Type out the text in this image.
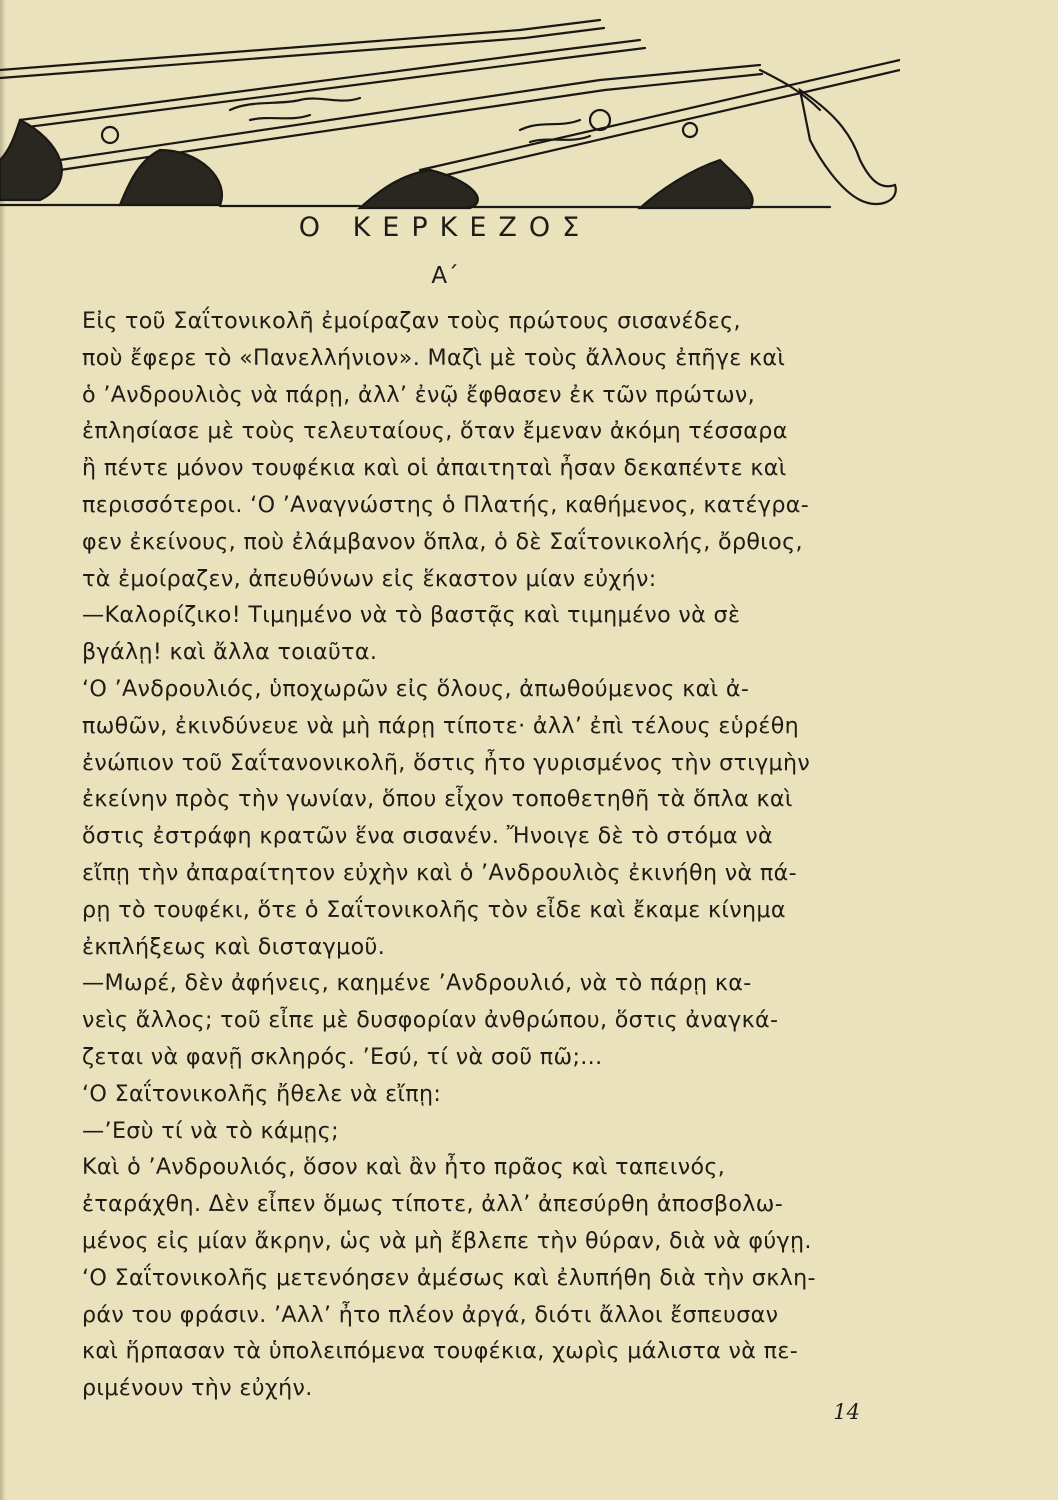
Ο ΚΕΡΚΕΖΟΣ
Α΄
Εἰς τοῦ Σαΐτονικολῆ ἐμοίραζαν τοὺς πρώτους σισανέδες,
ποὺ ἔφερε τὸ «Πανελλήνιον». Μαζὶ μὲ τοὺς ἄλλους ἐπῆγε καὶ
ὁ ’Ανδρουλιὸς νὰ πάρῃ, ἀλλ’ ἐνῷ ἔφθασεν ἐκ τῶν πρώτων,
ἐπλησίασε μὲ τοὺς τελευταίους, ὅταν ἔμεναν ἀκόμη τέσσαρα
ἢ πέντε μόνον τουφέκια καὶ οἱ ἀπαιτηταὶ ἦσαν δεκαπέντε καὶ
περισσότεροι. ‘Ο ’Αναγνώστης ὁ Πλατής, καθήμενος, κατέγρα-
φεν ἐκείνους, ποὺ ἐλάμβανον ὅπλα, ὁ δὲ Σαΐτονικολής, ὄρθιος,
τὰ ἐμοίραζεν, ἀπευθύνων εἰς ἕκαστον μίαν εὐχήν:
—Καλορίζικο! Τιμημένο νὰ τὸ βαστᾷς καὶ τιμημένο νὰ σὲ
βγάλῃ! καὶ ἄλλα τοιαῦτα.
‘Ο ’Ανδρουλιός, ὑποχωρῶν εἰς ὅλους, ἀπωθούμενος καὶ ἀ-
πωθῶν, ἐκινδύνευε νὰ μὴ πάρῃ τίποτε· ἀλλ’ ἐπὶ τέλους εὑρέθη
ἐνώπιον τοῦ Σαΐτανονικολῆ, ὅστις ἦτο γυρισμένος τὴν στιγμὴν
ἐκείνην πρὸς τὴν γωνίαν, ὅπου εἶχον τοποθετηθῆ τὰ ὅπλα καὶ
ὅστις ἐστράφη κρατῶν ἕνα σισανέν. Ἤνοιγε δὲ τὸ στόμα νὰ
εἴπῃ τὴν ἀπαραίτητον εὐχὴν καὶ ὁ ’Ανδρουλιὸς ἐκινήθη νὰ πά-
ρῃ τὸ τουφέκι, ὅτε ὁ Σαΐτονικολῆς τὸν εἶδε καὶ ἔκαμε κίνημα
ἐκπλήξεως καὶ δισταγμοῦ.
—Μωρέ, δὲν ἀφήνεις, καημένε ’Ανδρουλιό, νὰ τὸ πάρῃ κα-
νεὶς ἄλλος; τοῦ εἶπε μὲ δυσφορίαν ἀνθρώπου, ὅστις ἀναγκά-
ζεται νὰ φανῇ σκληρός. ’Εσύ, τί νὰ σοῦ πῶ;...
‘Ο Σαΐτονικολῆς ἤθελε νὰ εἴπῃ:
—’Εσὺ τί νὰ τὸ κάμῃς;
Καὶ ὁ ’Ανδρουλιός, ὅσον καὶ ἂν ἦτο πρᾶος καὶ ταπεινός,
ἐταράχθη. Δὲν εἶπεν ὅμως τίποτε, ἀλλ’ ἀπεσύρθη ἀποσβολω-
μένος εἰς μίαν ἄκρην, ὡς νὰ μὴ ἔβλεπε τὴν θύραν, διὰ νὰ φύγῃ.
‘Ο Σαΐτονικολῆς μετενόησεν ἀμέσως καὶ ἐλυπήθη διὰ τὴν σκλη-
ράν του φράσιν. ’Αλλ’ ἦτο πλέον ἀργά, διότι ἄλλοι ἔσπευσαν
καὶ ἥρπασαν τὰ ὑπολειπόμενα τουφέκια, χωρὶς μάλιστα νὰ πε-
ριμένουν τὴν εὐχήν.
14
